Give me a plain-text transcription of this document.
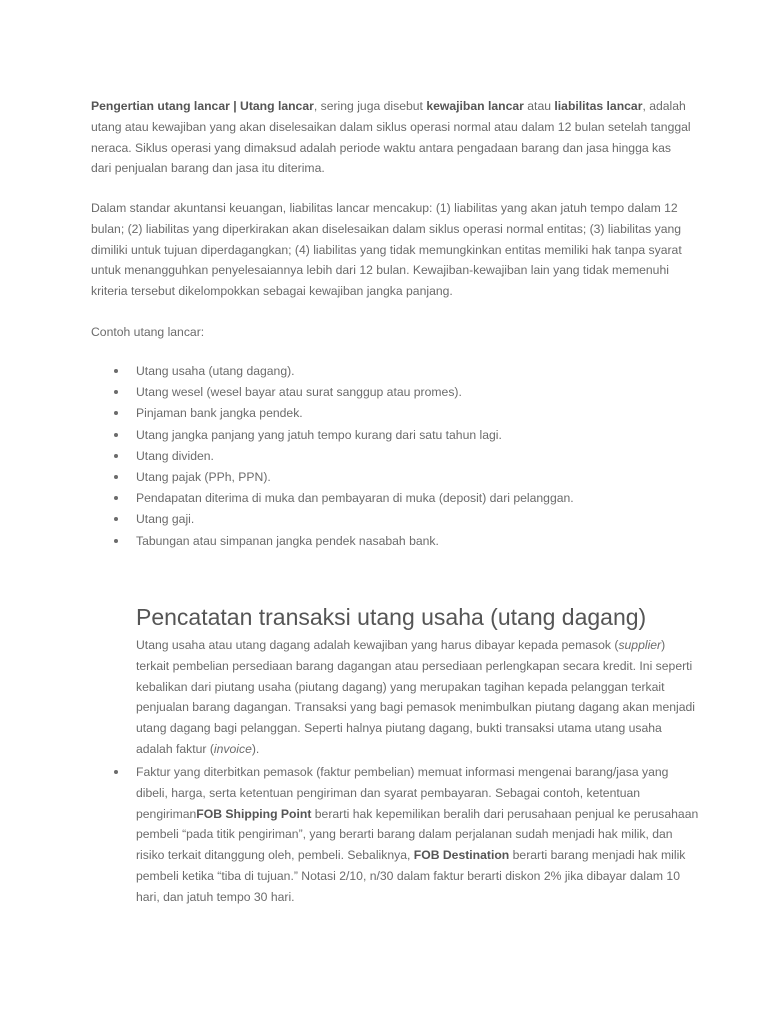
Pengertian utang lancar | Utang lancar, sering juga disebut kewajiban lancar atau liabilitas lancar, adalah utang atau kewajiban yang akan diselesaikan dalam siklus operasi normal atau dalam 12 bulan setelah tanggal neraca. Siklus operasi yang dimaksud adalah periode waktu antara pengadaan barang dan jasa hingga kas dari penjualan barang dan jasa itu diterima.

Dalam standar akuntansi keuangan, liabilitas lancar mencakup: (1) liabilitas yang akan jatuh tempo dalam 12 bulan; (2) liabilitas yang diperkirakan akan diselesaikan dalam siklus operasi normal entitas; (3) liabilitas yang dimiliki untuk tujuan diperdagangkan; (4) liabilitas yang tidak memungkinkan entitas memiliki hak tanpa syarat untuk menangguhkan penyelesaiannya lebih dari 12 bulan. Kewajiban-kewajiban lain yang tidak memenuhi kriteria tersebut dikelompokkan sebagai kewajiban jangka panjang.

Contoh utang lancar:

Utang usaha (utang dagang).
Utang wesel (wesel bayar atau surat sanggup atau promes).
Pinjaman bank jangka pendek.
Utang jangka panjang yang jatuh tempo kurang dari satu tahun lagi.
Utang dividen.
Utang pajak (PPh, PPN).
Pendapatan diterima di muka dan pembayaran di muka (deposit) dari pelanggan.
Utang gaji.
Tabungan atau simpanan jangka pendek nasabah bank.
Pencatatan transaksi utang usaha (utang dagang)

Utang usaha atau utang dagang adalah kewajiban yang harus dibayar kepada pemasok (supplier) terkait pembelian persediaan barang dagangan atau persediaan perlengkapan secara kredit. Ini seperti kebalikan dari piutang usaha (piutang dagang) yang merupakan tagihan kepada pelanggan terkait penjualan barang dagangan. Transaksi yang bagi pemasok menimbulkan piutang dagang akan menjadi utang dagang bagi pelanggan. Seperti halnya piutang dagang, bukti transaksi utama utang usaha adalah faktur (invoice).

Faktur yang diterbitkan pemasok (faktur pembelian) memuat informasi mengenai barang/jasa yang dibeli, harga, serta ketentuan pengiriman dan syarat pembayaran. Sebagai contoh, ketentuan pengirimanFOB Shipping Point berarti hak kepemilikan beralih dari perusahaan penjual ke perusahaan pembeli “pada titik pengiriman”, yang berarti barang dalam perjalanan sudah menjadi hak milik, dan risiko terkait ditanggung oleh, pembeli. Sebaliknya, FOB Destination berarti barang menjadi hak milik pembeli ketika “tiba di tujuan.” Notasi 2/10, n/30 dalam faktur berarti diskon 2% jika dibayar dalam 10 hari, dan jatuh tempo 30 hari.
